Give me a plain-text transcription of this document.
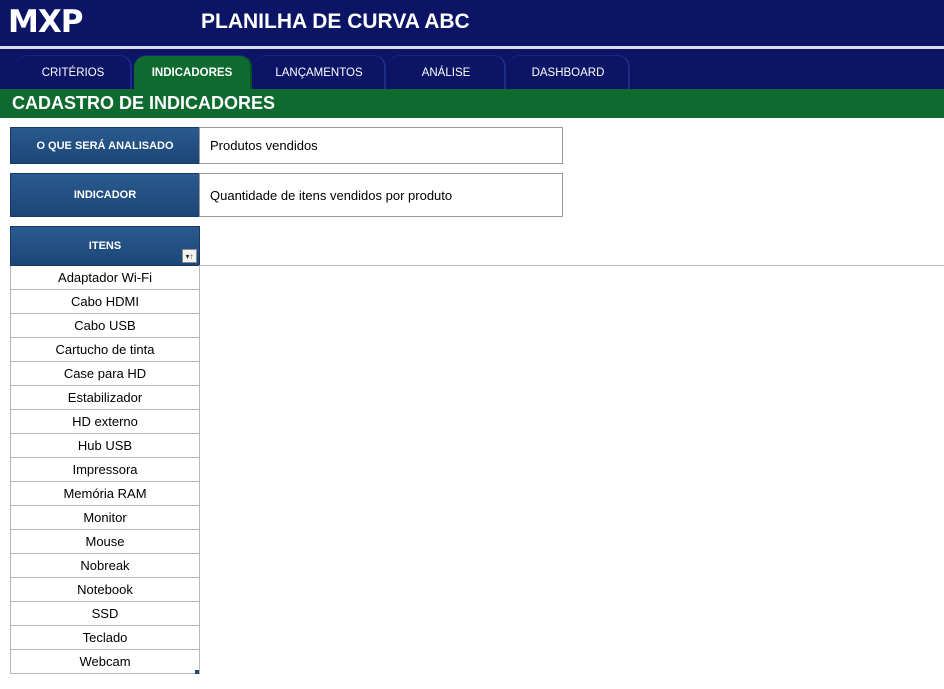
MXP	PLANILHA DE CURVA ABC
CRITÉRIOS	INDICADORES	LANÇAMENTOS	ANÁLISE	DASHBOARD
CADASTRO DE INDICADORES
O QUE SERÁ ANALISADO	Produtos vendidos
INDICADOR	Quantidade de itens vendidos por produto
ITENS
▾↑
Adaptador Wi-Fi
Cabo HDMI
Cabo USB
Cartucho de tinta
Case para HD
Estabilizador
HD externo
Hub USB
Impressora
Memória RAM
Monitor
Mouse
Nobreak
Notebook
SSD
Teclado
Webcam
